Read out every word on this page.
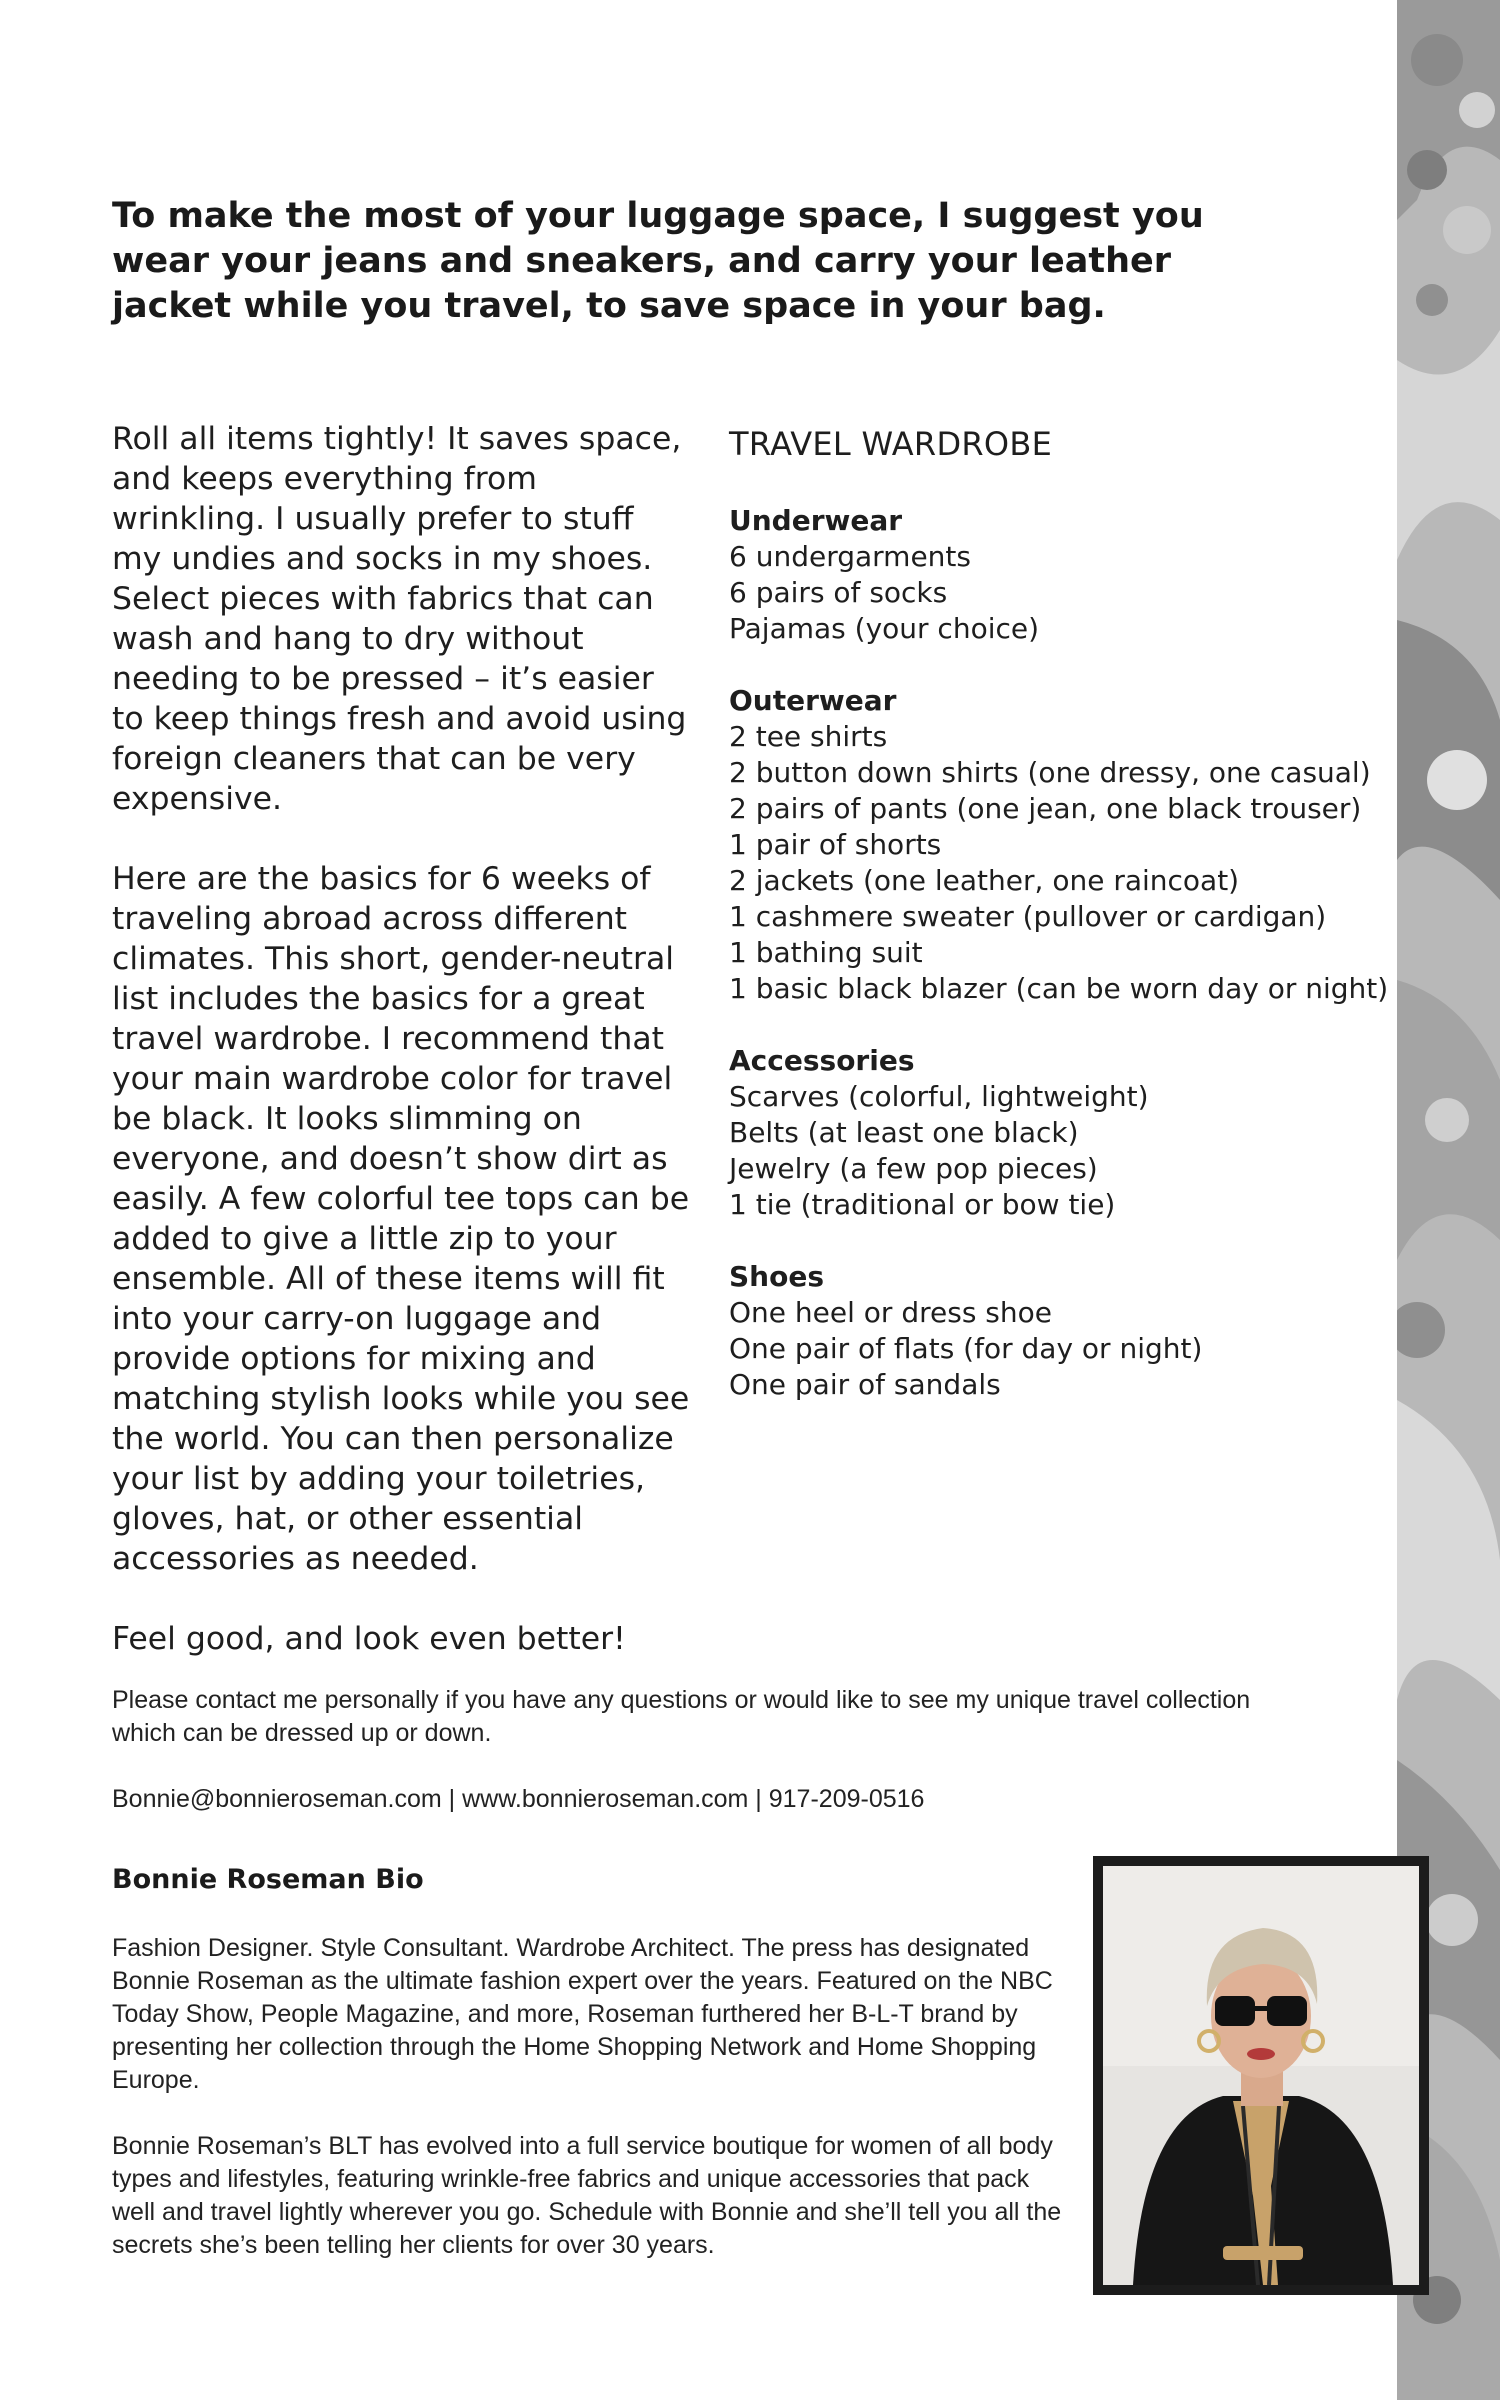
To make the most of your luggage space, I suggest you wear your jeans and sneakers, and carry your leather jacket while you travel, to save space in your bag.

Roll all items tightly! It saves space, and keeps everything from wrinkling. I usually prefer to stuff my undies and socks in my shoes. Select pieces with fabrics that can wash and hang to dry without needing to be pressed – it’s easier to keep things fresh and avoid using foreign cleaners that can be very expensive.

Here are the basics for 6 weeks of traveling abroad across different climates. This short, gender-neutral list includes the basics for a great travel wardrobe. I recommend that your main wardrobe color for travel be black. It looks slimming on everyone, and doesn’t show dirt as easily. A few colorful tee tops can be added to give a little zip to your ensemble. All of these items will fit into your carry-on luggage and provide options for mixing and matching stylish looks while you see the world. You can then personalize your list by adding your toiletries, gloves, hat, or other essential accessories as needed.

Feel good, and look even better!

TRAVEL WARDROBE
Underwear
6 undergarments
6 pairs of socks
Pajamas (your choice)
Outerwear
2 tee shirts
2 button down shirts (one dressy, one casual)
2 pairs of pants (one jean, one black trouser)
1 pair of shorts
2 jackets (one leather, one raincoat)
1 cashmere sweater (pullover or cardigan)
1 bathing suit
1 basic black blazer (can be worn day or night)
Accessories
Scarves (colorful, lightweight)
Belts (at least one black)
Jewelry (a few pop pieces)
1 tie (traditional or bow tie)
Shoes
One heel or dress shoe
One pair of flats (for day or night)
One pair of sandals

Please contact me personally if you have any questions or would like to see my unique travel collection which can be dressed up or down.

Bonnie@bonnieroseman.com | www.bonnieroseman.com | 917-209-0516

Bonnie Roseman Bio

Fashion Designer. Style Consultant. Wardrobe Architect. The press has designated Bonnie Roseman as the ultimate fashion expert over the years. Featured on the NBC Today Show, People Magazine, and more, Roseman furthered her B-L-T brand by presenting her collection through the Home Shopping Network and Home Shopping Europe.

Bonnie Roseman’s BLT has evolved into a full service boutique for women of all body types and lifestyles, featuring wrinkle-free fabrics and unique accessories that pack well and travel lightly wherever you go. Schedule with Bonnie and she’ll tell you all the secrets she’s been telling her clients for over 30 years.
